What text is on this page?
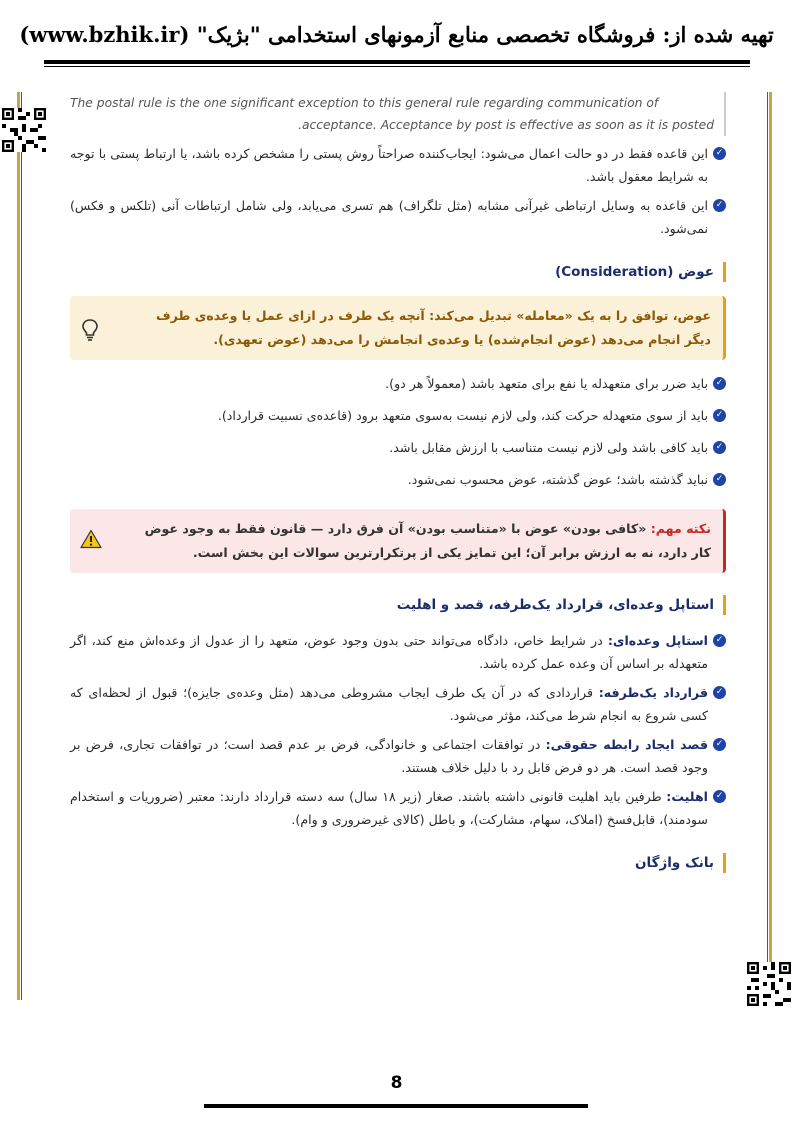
تهیه شده از: فروشگاه تخصصی منابع آزمونهای استخدامی "بژیک" (www.bzhik.ir)
The postal rule is the one significant exception to this general rule regarding communication of
.acceptance. Acceptance by post is effective as soon as it is posted
✓
این قاعده فقط در دو حالت اعمال می‌شود: ایجاب‌کننده صراحتاً روش پستی را مشخص کرده باشد، یا ارتباط پستی با توجه به شرایط معقول باشد.
✓
این قاعده به وسایل ارتباطی غیرآنی مشابه (مثل تلگراف) هم تسری می‌یابد، ولی شامل ارتباطات آنی (تلکس و فکس) نمی‌شود.
عوض (Consideration)
عوض، توافق را به یک «معامله» تبدیل می‌کند: آنچه یک طرف در ازای عمل یا وعده‌ی طرف دیگر انجام می‌دهد (عوض انجام‌شده) یا وعده‌ی انجامش را می‌دهد (عوض تعهدی).
✓
باید ضرر برای متعهدله یا نفع برای متعهد باشد (معمولاً هر دو).
✓
باید از سوی متعهدله حرکت کند، ولی لازم نیست به‌سوی متعهد برود (قاعده‌ی نسبیت قرارداد).
✓
باید کافی باشد ولی لازم نیست متناسب با ارزش مقابل باشد.
✓
نباید گذشته باشد؛ عوض گذشته، عوض محسوب نمی‌شود.
نکته مهم: «کافی بودن» عوض با «متناسب بودن» آن فرق دارد — قانون فقط به وجود عوض کار دارد، نه به ارزش برابر آن؛ این تمایز یکی از پرتکرارترین سوالات این بخش است.
استاپل وعده‌ای، قرارداد یک‌طرفه، قصد و اهلیت
✓
استاپل وعده‌ای: در شرایط خاص، دادگاه می‌تواند حتی بدون وجود عوض، متعهد را از عدول از وعده‌اش منع کند، اگر متعهدله بر اساس آن وعده عمل کرده باشد.
✓
قرارداد یک‌طرفه: قراردادی که در آن یک طرف ایجاب مشروطی می‌دهد (مثل وعده‌ی جایزه)؛ قبول از لحظه‌ای که کسی شروع به انجام شرط می‌کند، مؤثر می‌شود.
✓
قصد ایجاد رابطه حقوقی: در توافقات اجتماعی و خانوادگی، فرض بر عدم قصد است؛ در توافقات تجاری، فرض بر وجود قصد است. هر دو فرض قابل رد با دلیل خلاف هستند.
✓
اهلیت: طرفین باید اهلیت قانونی داشته باشند. صغار (زیر ۱۸ سال) سه دسته قرارداد دارند: معتبر (ضروریات و استخدام سودمند)، قابل‌فسخ (املاک، سهام، مشارکت)، و باطل (کالای غیرضروری و وام).
بانک واژگان
8
